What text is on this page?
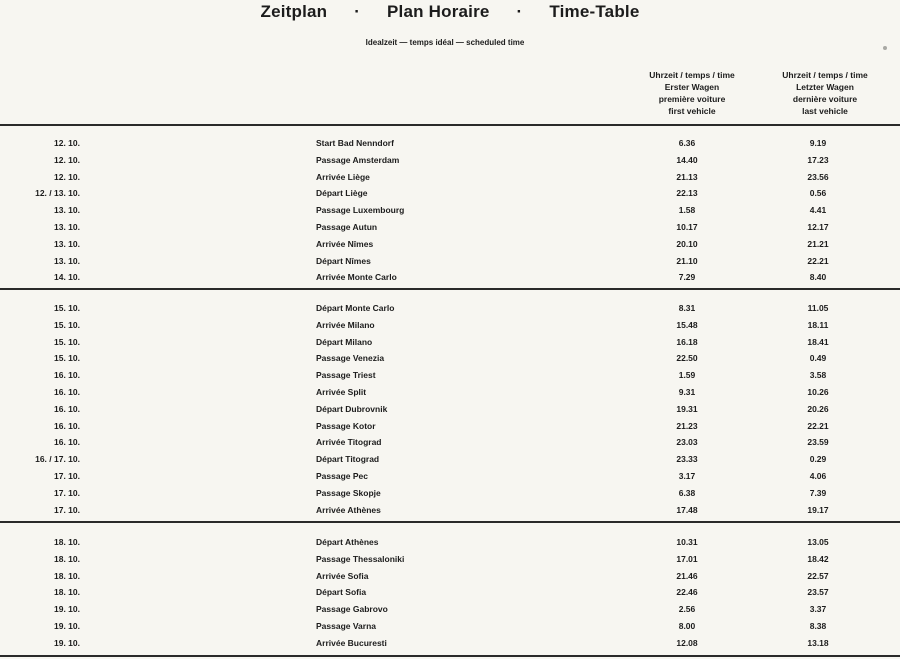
Zeitplan · Plan Horaire · Time-Table
Idealzeit — temps idéal — scheduled time
Uhrzeit / temps / time
Erster Wagen
première voiture
first vehicle
Uhrzeit / temps / time
Letzter Wagen
dernière voiture
last vehicle
12. 10.	Start Bad Nenndorf	6.36	9.19
12. 10.	Passage Amsterdam	14.40	17.23
12. 10.	Arrivée Liège	21.13	23.56
12. / 13. 10.	Départ Liège	22.13	0.56
13. 10.	Passage Luxembourg	1.58	4.41
13. 10.	Passage Autun	10.17	12.17
13. 10.	Arrivée Nîmes	20.10	21.21
13. 10.	Départ Nîmes	21.10	22.21
14. 10.	Arrivée Monte Carlo	7.29	8.40
15. 10.	Départ Monte Carlo	8.31	11.05
15. 10.	Arrivée Milano	15.48	18.11
15. 10.	Départ Milano	16.18	18.41
15. 10.	Passage Venezia	22.50	0.49
16. 10.	Passage Triest	1.59	3.58
16. 10.	Arrivée Split	9.31	10.26
16. 10.	Départ Dubrovnik	19.31	20.26
16. 10.	Passage Kotor	21.23	22.21
16. 10.	Arrivée Titograd	23.03	23.59
16. / 17. 10.	Départ Titograd	23.33	0.29
17. 10.	Passage Pec	3.17	4.06
17. 10.	Passage Skopje	6.38	7.39
17. 10.	Arrivée Athènes	17.48	19.17
18. 10.	Départ Athènes	10.31	13.05
18. 10.	Passage Thessaloniki	17.01	18.42
18. 10.	Arrivée Sofia	21.46	22.57
18. 10.	Départ Sofia	22.46	23.57
19. 10.	Passage Gabrovo	2.56	3.37
19. 10.	Passage Varna	8.00	8.38
19. 10.	Arrivée Bucuresti	12.08	13.18
